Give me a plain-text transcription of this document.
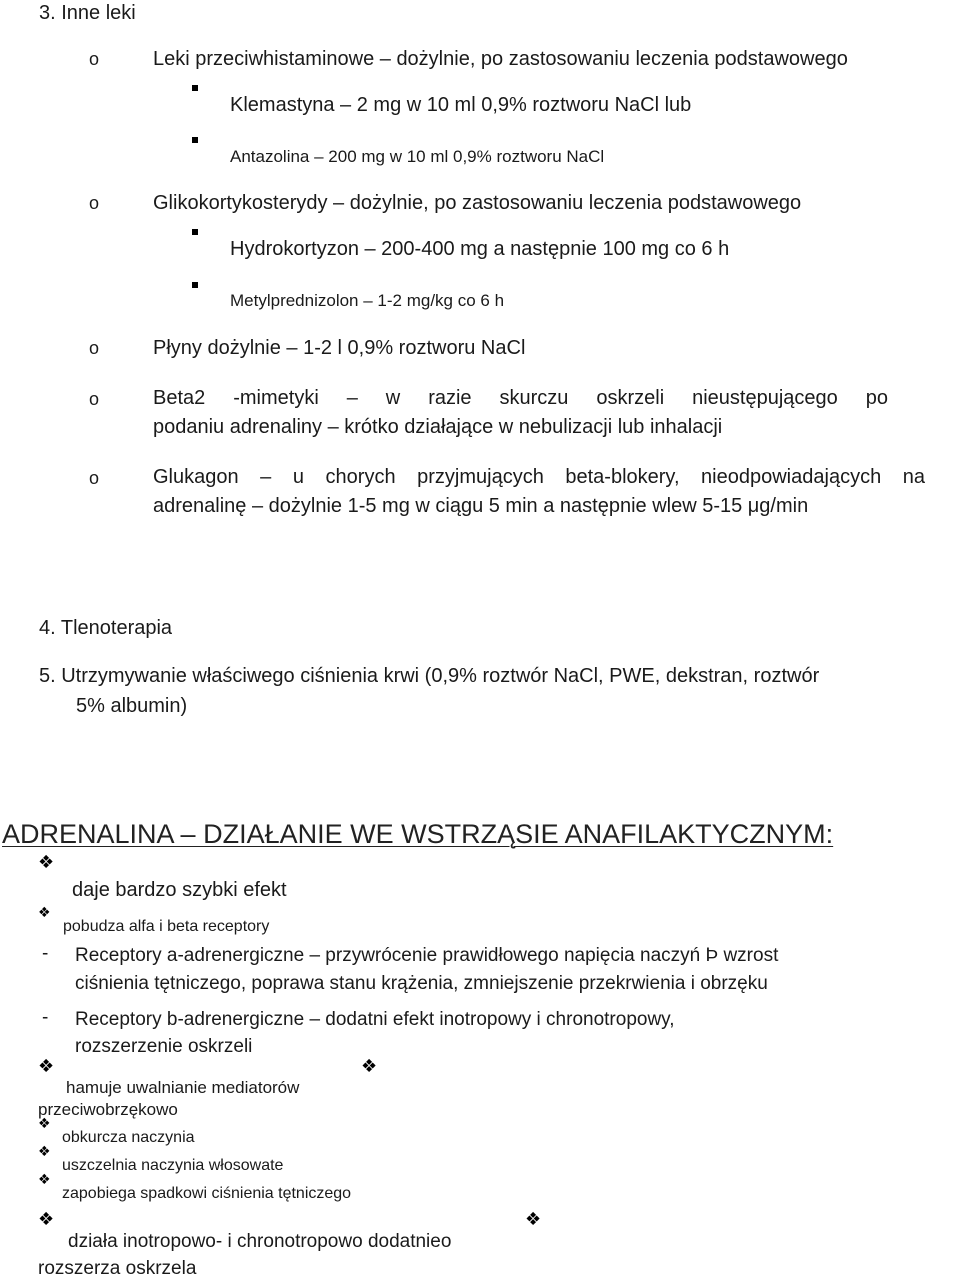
3. Inne leki
o	Leki przeciwhistaminowe – dożylnie, po zastosowaniu leczenia podstawowego
Klemastyna – 2 mg w 10 ml 0,9% roztworu NaCl lub
Antazolina – 200 mg w 10 ml 0,9% roztworu NaCl
o	Glikokortykosterydy – dożylnie, po zastosowaniu leczenia podstawowego
Hydrokortyzon – 200-400 mg a następnie 100 mg co 6 h
Metylprednizolon – 1-2 mg/kg co 6 h
o	Płyny dożylnie – 1-2 l 0,9% roztworu NaCl
o	Beta2 -mimetyki – w razie skurczu oskrzeli nieustępującego po
podaniu adrenaliny – krótko działające w nebulizacji lub inhalacji
o	Glukagon – u chorych przyjmujących beta-blokery, nieodpowiadających na
adrenalinę – dożylnie 1-5 mg w ciągu 5 min a następnie wlew 5-15 μg/min
4. Tlenoterapia
5. Utrzymywanie właściwego ciśnienia krwi (0,9% roztwór NaCl, PWE, dekstran, roztwór
5% albumin)
ADRENALINA – DZIAŁANIE WE WSTRZĄSIE ANAFILAKTYCZNYM:
❖
daje bardzo szybki efekt
❖
pobudza alfa i beta receptory
- Receptory a-adrenergiczne – przywrócenie prawidłowego napięcia naczyń Þ wzrost
ciśnienia tętniczego, poprawa stanu krążenia, zmniejszenie przekrwienia i obrzęku
- Receptory b-adrenergiczne – dodatni efekt inotropowy i chronotropowy,
rozszerzenie oskrzeli
❖
hamuje uwalnianie mediatorów
❖
przeciwobrzękowo
❖
obkurcza naczynia
❖
uszczelnia naczynia włosowate
❖
zapobiega spadkowi ciśnienia tętniczego
❖
działa inotropowo- i chronotropowo dodatnieo
❖
rozszerza oskrzela
